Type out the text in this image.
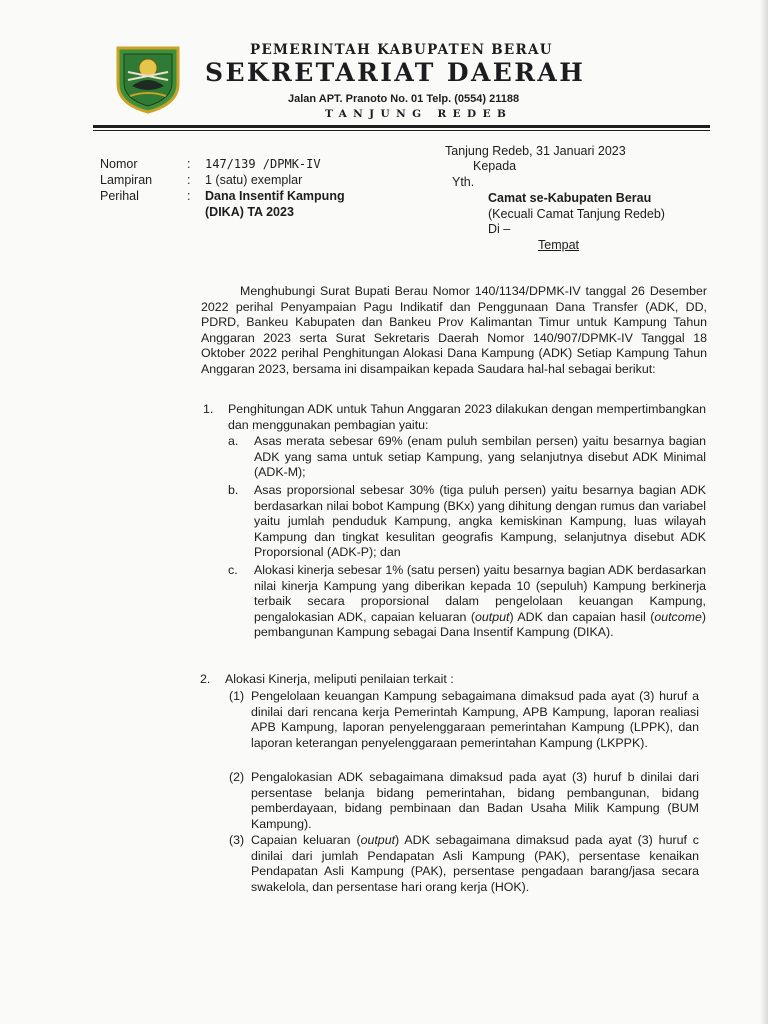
PEMERINTAH KABUPATEN BERAU
SEKRETARIAT DAERAH
Jalan APT. Pranoto No. 01 Telp. (0554) 21188
TANJUNG REDEB
Tanjung Redeb, 31 Januari 2023
Nomor	: 147/139 /DPMK-IV
Lampiran	: 1 (satu) exemplar
Perihal	: Dana Insentif Kampung
(DIKA) TA 2023
Kepada
Yth.
Camat se-Kabupaten Berau
(Kecuali Camat Tanjung Redeb)
Di –
Tempat
Menghubungi Surat Bupati Berau Nomor 140/1134/DPMK-IV tanggal 26 Desember 2022 perihal Penyampaian Pagu Indikatif dan Penggunaan Dana Transfer (ADK, DD, PDRD, Bankeu Kabupaten dan Bankeu Prov Kalimantan Timur untuk Kampung Tahun Anggaran 2023 serta Surat Sekretaris Daerah Nomor 140/907/DPMK-IV Tanggal 18 Oktober 2022 perihal Penghitungan Alokasi Dana Kampung (ADK) Setiap Kampung Tahun Anggaran 2023, bersama ini disampaikan kepada Saudara hal-hal sebagai berikut:
1. Penghitungan ADK untuk Tahun Anggaran 2023 dilakukan dengan mempertimbangkan dan menggunakan pembagian yaitu:
a. Asas merata sebesar 69% (enam puluh sembilan persen) yaitu besarnya bagian ADK yang sama untuk setiap Kampung, yang selanjutnya disebut ADK Minimal (ADK-M);
b. Asas proporsional sebesar 30% (tiga puluh persen) yaitu besarnya bagian ADK berdasarkan nilai bobot Kampung (BKx) yang dihitung dengan rumus dan variabel yaitu jumlah penduduk Kampung, angka kemiskinan Kampung, luas wilayah Kampung dan tingkat kesulitan geografis Kampung, selanjutnya disebut ADK Proporsional (ADK-P); dan
c. Alokasi kinerja sebesar 1% (satu persen) yaitu besarnya bagian ADK berdasarkan nilai kinerja Kampung yang diberikan kepada 10 (sepuluh) Kampung berkinerja terbaik secara proporsional dalam pengelolaan keuangan Kampung, pengalokasian ADK, capaian keluaran (output) ADK dan capaian hasil (outcome) pembangunan Kampung sebagai Dana Insentif Kampung (DIKA).
2. Alokasi Kinerja, meliputi penilaian terkait :
(1) Pengelolaan keuangan Kampung sebagaimana dimaksud pada ayat (3) huruf a dinilai dari rencana kerja Pemerintah Kampung, APB Kampung, laporan realiasi APB Kampung, laporan penyelenggaraan pemerintahan Kampung (LPPK), dan laporan keterangan penyelenggaraan pemerintahan Kampung (LKPPK).
(2) Pengalokasian ADK sebagaimana dimaksud pada ayat (3) huruf b dinilai dari persentase belanja bidang pemerintahan, bidang pembangunan, bidang pemberdayaan, bidang pembinaan dan Badan Usaha Milik Kampung (BUM Kampung).
(3) Capaian keluaran (output) ADK sebagaimana dimaksud pada ayat (3) huruf c dinilai dari jumlah Pendapatan Asli Kampung (PAK), persentase kenaikan Pendapatan Asli Kampung (PAK), persentase pengadaan barang/jasa secara swakelola, dan persentase hari orang kerja (HOK).
